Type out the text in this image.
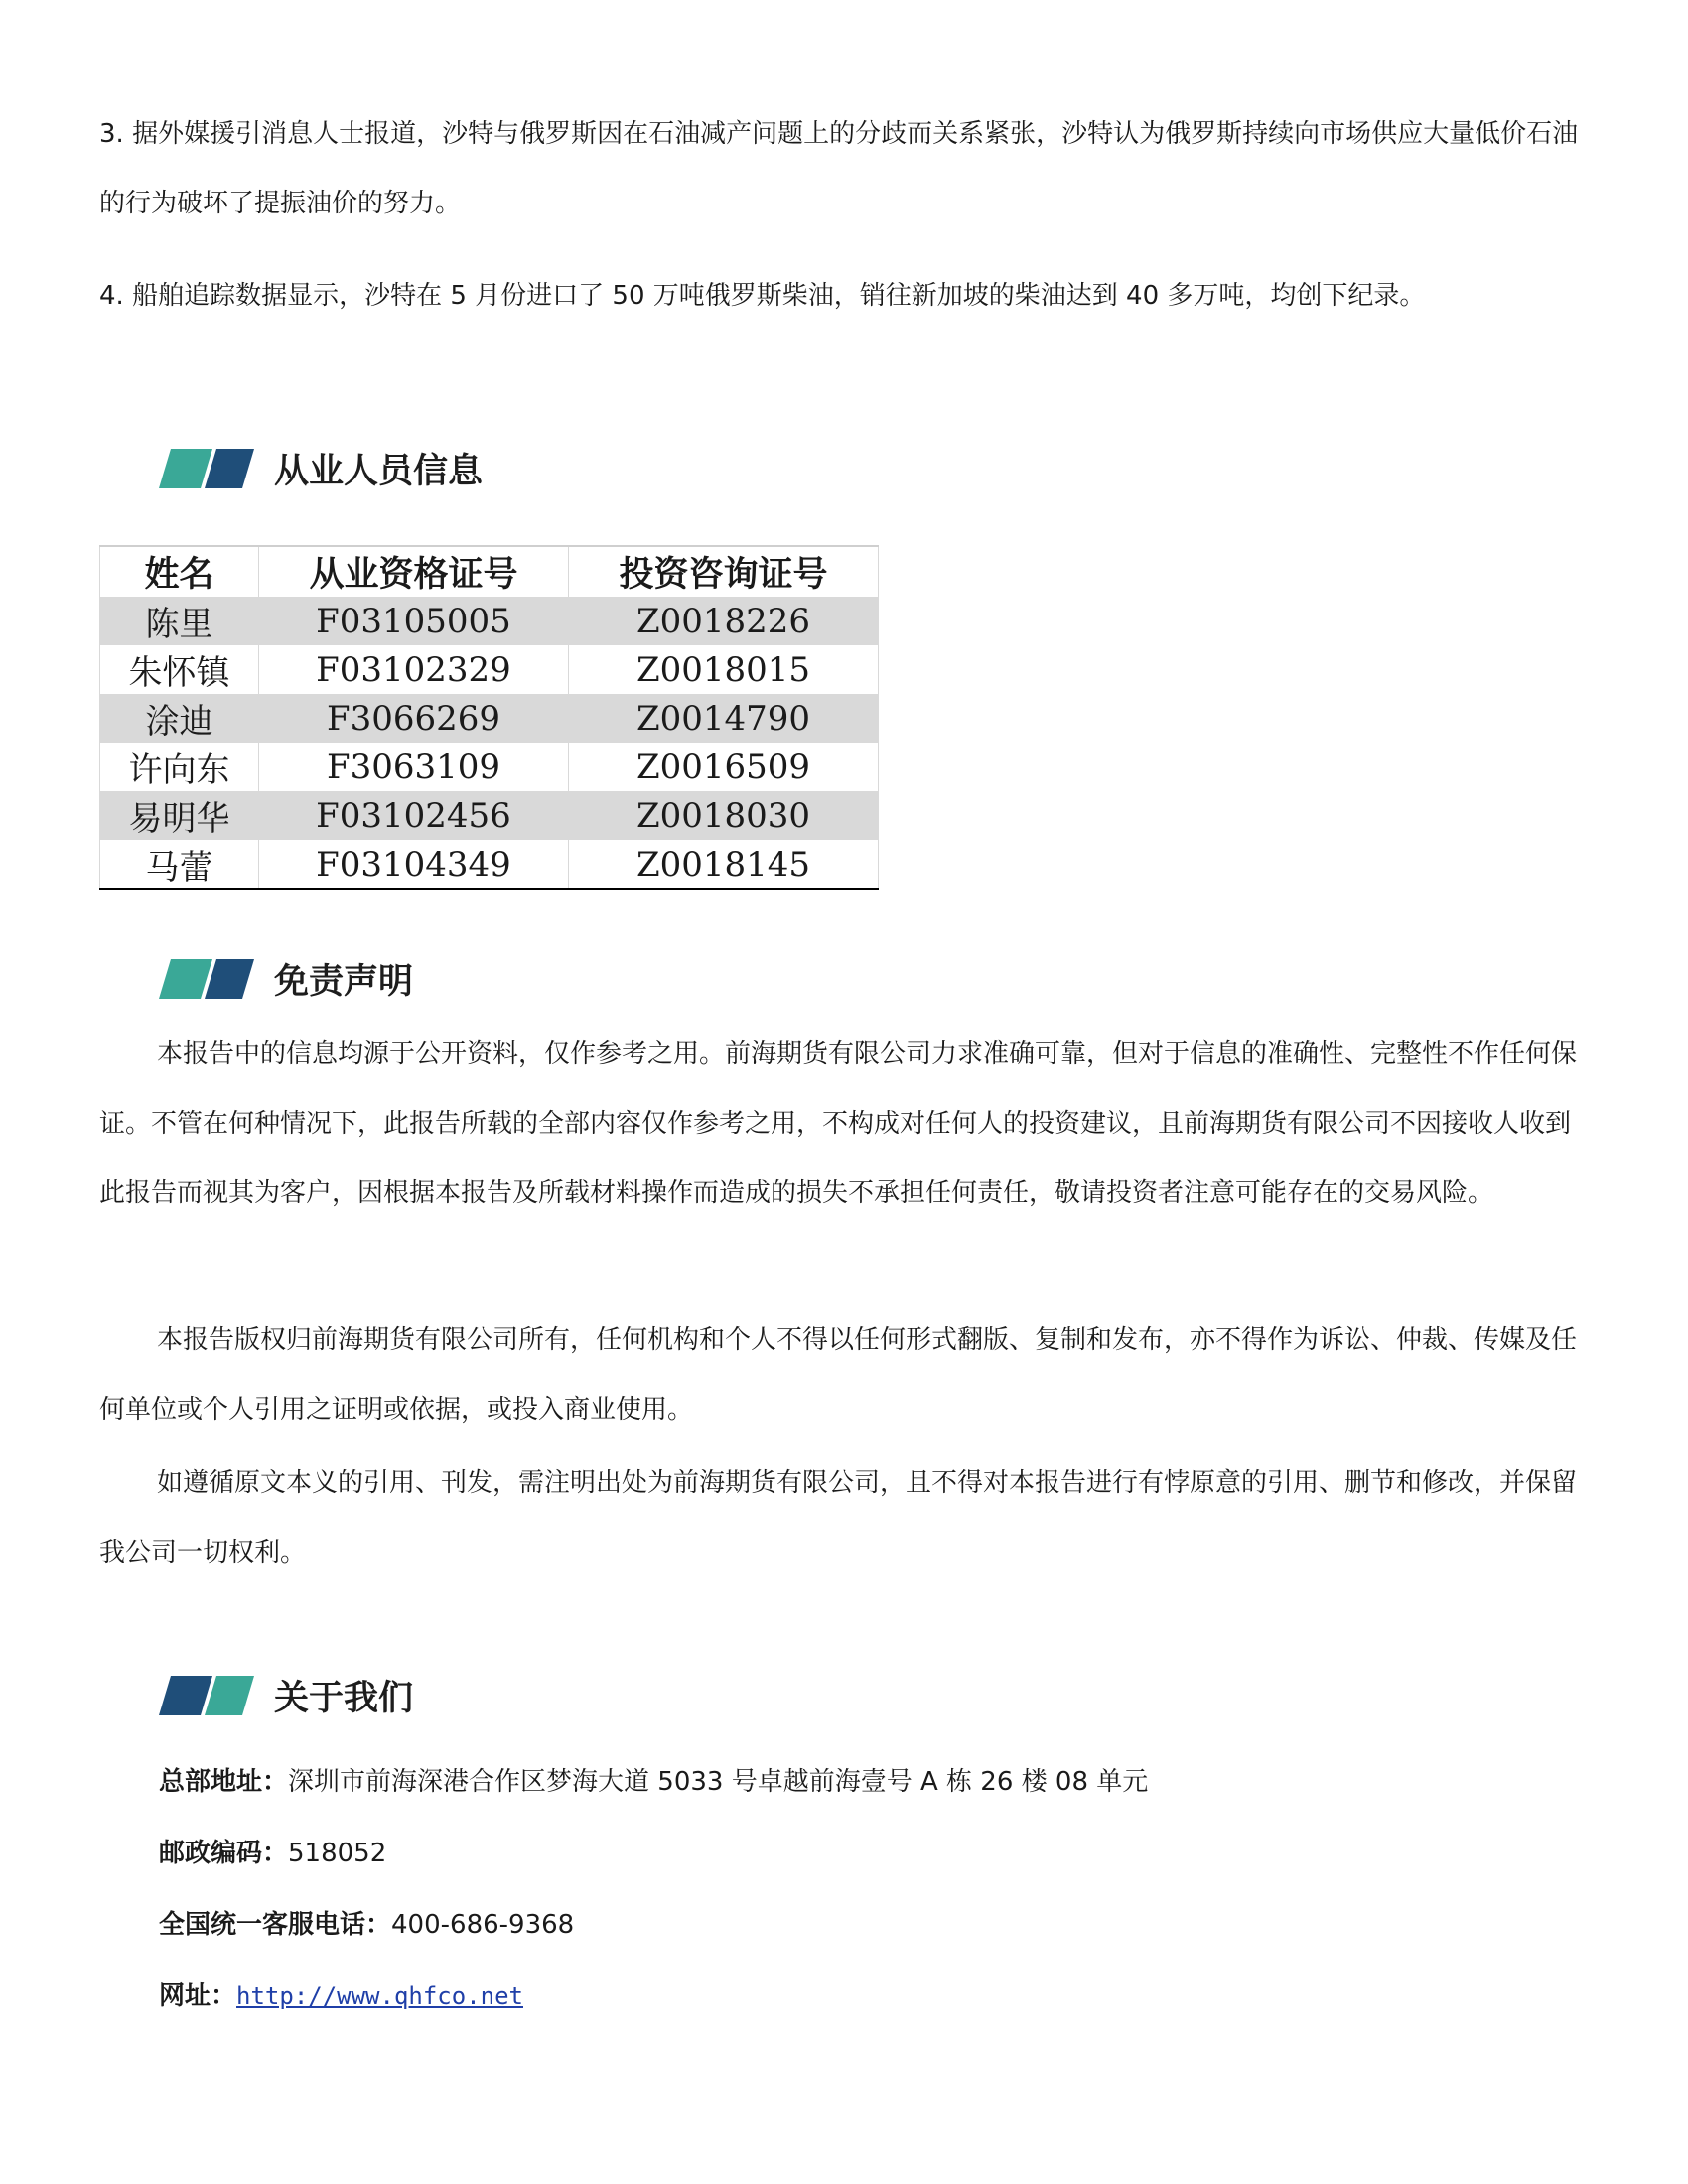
3. 据外媒援引消息人士报道，沙特与俄罗斯因在石油减产问题上的分歧而关系紧张，沙特认为俄罗斯持续向市场供应大量低价石油的行为破坏了提振油价的努力。

4. 船舶追踪数据显示，沙特在 5 月份进口了 50 万吨俄罗斯柴油，销往新加坡的柴油达到 40 多万吨，均创下纪录。

从业人员信息
姓名	从业资格证号	投资咨询证号
陈里	F03105005	Z0018226
朱怀镇	F03102329	Z0018015
涂迪	F3066269	Z0014790
许向东	F3063109	Z0016509
易明华	F03102456	Z0018030
马蕾	F03104349	Z0018145
免责声明

本报告中的信息均源于公开资料，仅作参考之用。前海期货有限公司力求准确可靠，但对于信息的准确性、完整性不作任何保证。不管在何种情况下，此报告所载的全部内容仅作参考之用，不构成对任何人的投资建议，且前海期货有限公司不因接收人收到此报告而视其为客户，因根据本报告及所载材料操作而造成的损失不承担任何责任，敬请投资者注意可能存在的交易风险。

本报告版权归前海期货有限公司所有，任何机构和个人不得以任何形式翻版、复制和发布，亦不得作为诉讼、仲裁、传媒及任何单位或个人引用之证明或依据，或投入商业使用。

如遵循原文本义的引用、刊发，需注明出处为前海期货有限公司，且不得对本报告进行有悖原意的引用、删节和修改，并保留我公司一切权利。

关于我们
总部地址：深圳市前海深港合作区梦海大道 5033 号卓越前海壹号 A 栋 26 楼 08 单元
邮政编码：518052
全国统一客服电话：400-686-9368
网址：http://www.qhfco.net
